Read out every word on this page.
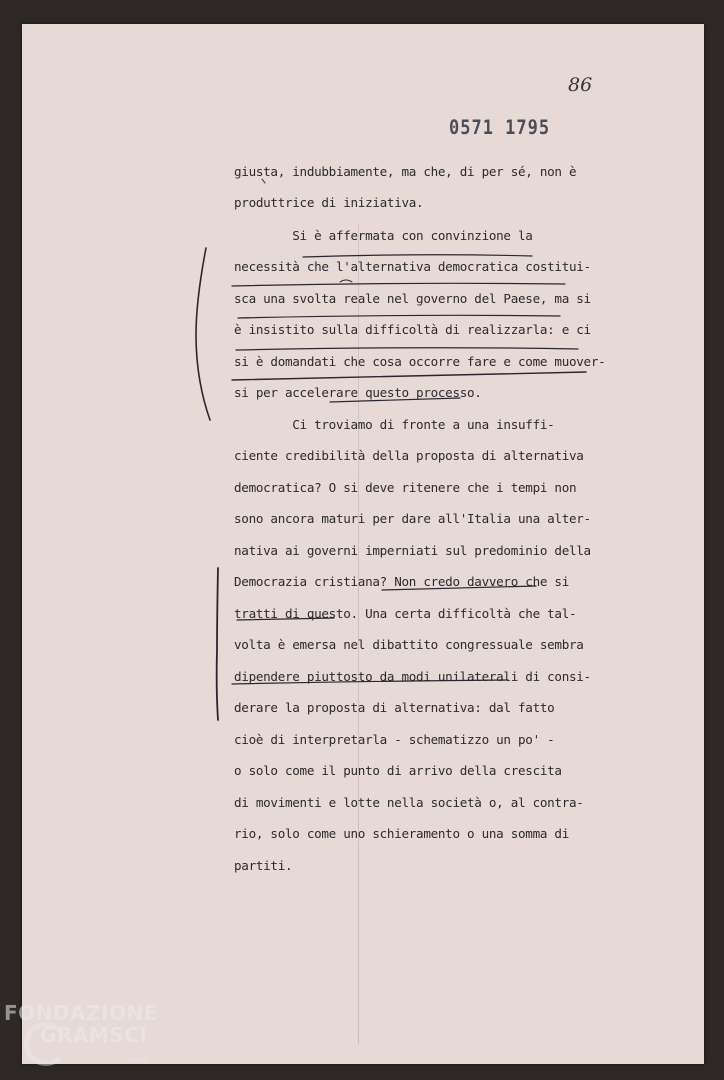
86
0571 1795
giusta, indubbiamente, ma che, di per sé, non è
produttrice di iniziativa.
Si è affermata con convinzione la
necessità che l'alternativa democratica costitui-
sca una svolta reale nel governo del Paese, ma si
è insistito sulla difficoltà di realizzarla: e ci
si è domandati che cosa occorre fare e come muover-
si per accelerare questo processo.
Ci troviamo di fronte a una insuffi-
ciente credibilità della proposta di alternativa
democratica? O si deve ritenere che i tempi non
sono ancora maturi per dare all'Italia una alter-
nativa ai governi imperniati sul predominio della
Democrazia cristiana? Non credo davvero che si
tratti di questo. Una certa difficoltà che tal-
volta è emersa nel dibattito congressuale sembra
dipendere piuttosto da modi unilaterali di consi-
derare la proposta di alternativa: dal fatto
cioè di interpretarla - schematizzo un po' -
o solo come il punto di arrivo della crescita
di movimenti e lotte nella società o, al contra-
rio, solo come uno schieramento o una somma di
partiti.
FONDAZIONE
GRAMSCI
onlus
